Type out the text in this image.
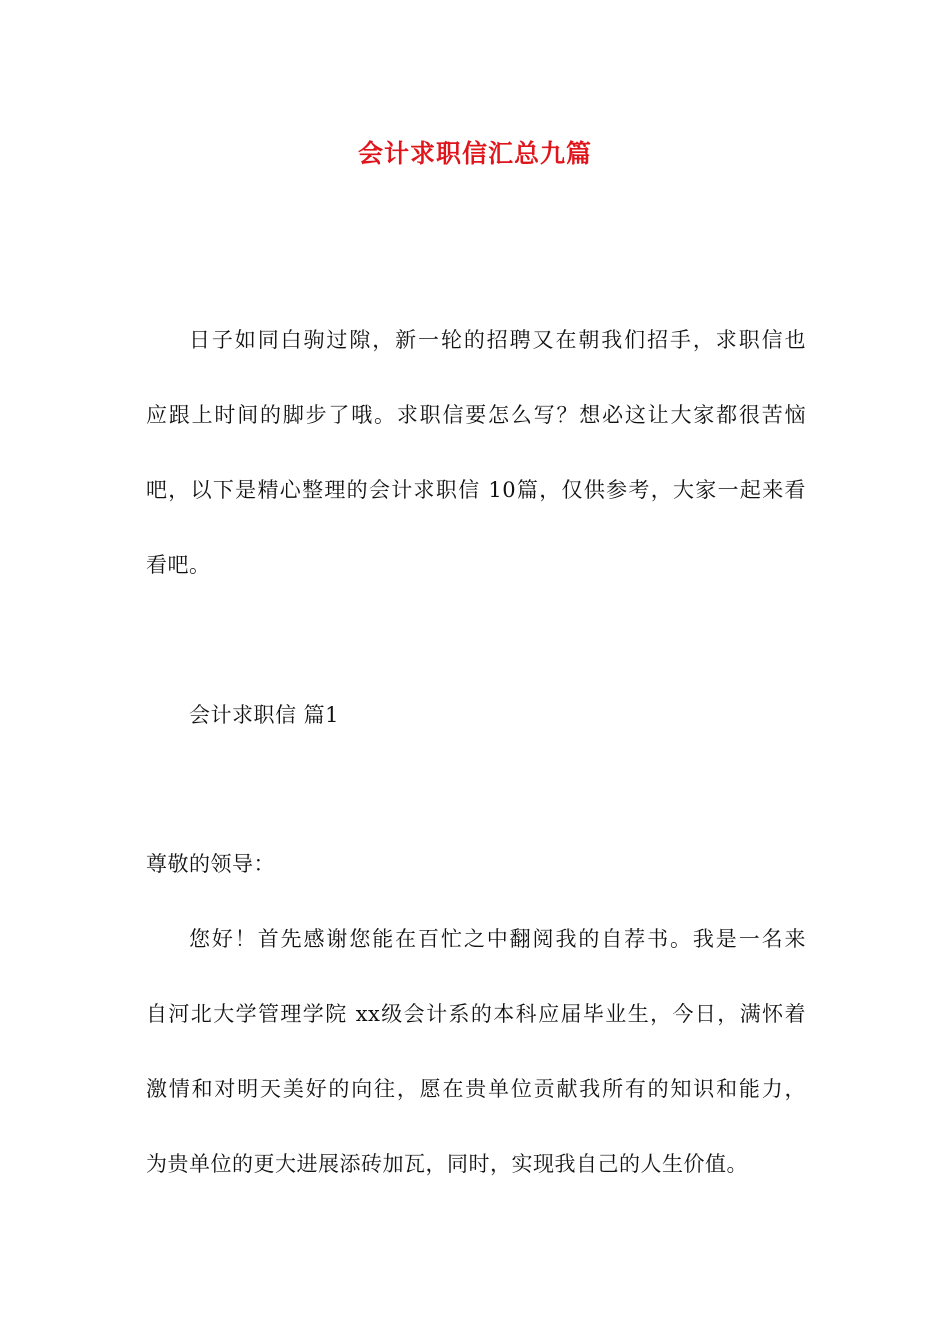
会计求职信汇总九篇
日子如同白驹过隙，新一轮的招聘又在朝我们招手，求职信也
应跟上时间的脚步了哦。求职信要怎么写？想必这让大家都很苦恼
吧，以下是精心整理的会计求职信 10篇，仅供参考，大家一起来看
看吧。
会计求职信 篇1
尊敬的领导：
您好！首先感谢您能在百忙之中翻阅我的自荐书。我是一名来
自河北大学管理学院 xx级会计系的本科应届毕业生，今日，满怀着
激情和对明天美好的向往，愿在贵单位贡献我所有的知识和能力，
为贵单位的更大进展添砖加瓦，同时，实现我自己的人生价值。
